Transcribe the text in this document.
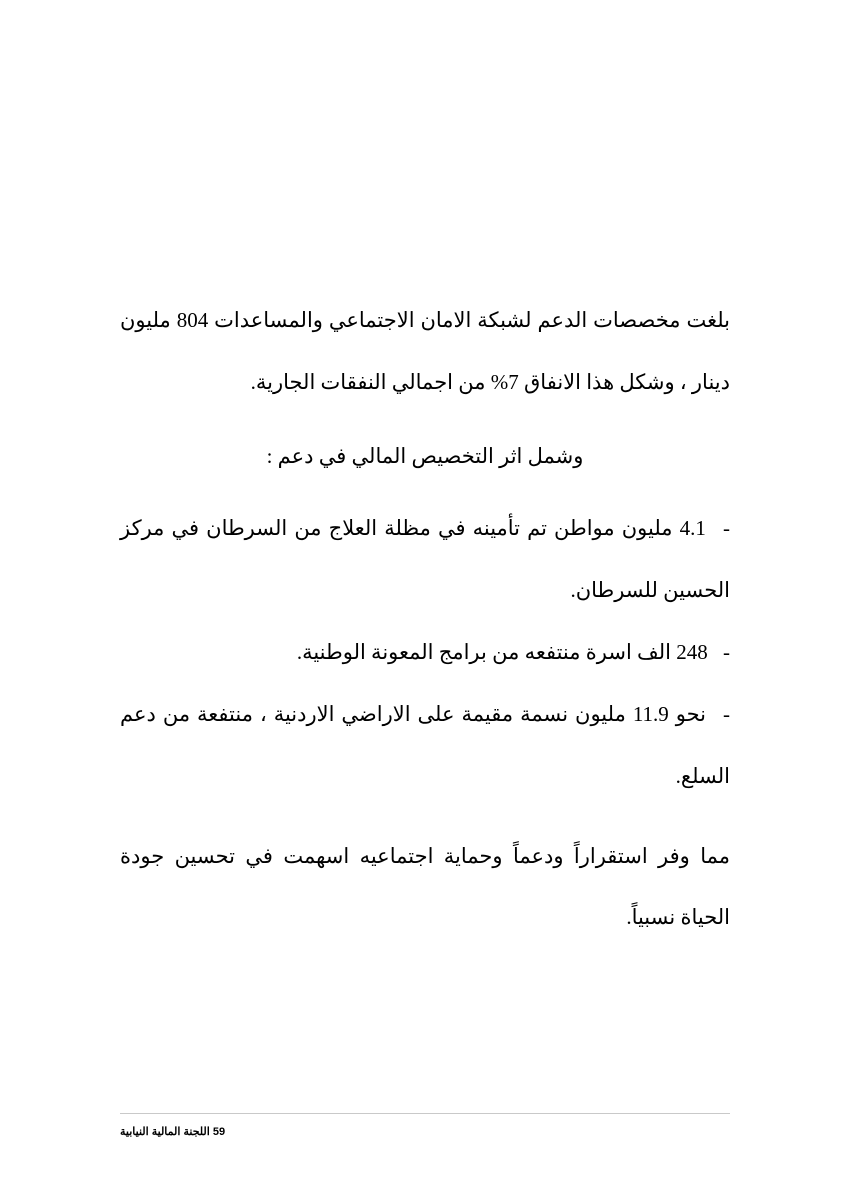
بلغت مخصصات الدعم لشبكة الامان الاجتماعي والمساعدات 804 مليون دينار ، وشكل هذا الانفاق 7% من اجمالي النفقات الجارية.

وشمل اثر التخصيص المالي في دعم :

- 4.1 مليون مواطن تم تأمينه في مظلة العلاج من السرطان في مركز الحسين للسرطان.
- 248 الف اسرة منتفعه من برامج المعونة الوطنية.
- نحو 11.9 مليون نسمة مقيمة على الاراضي الاردنية ، منتفعة من دعم السلع.

مما وفر استقراراً ودعماً وحماية اجتماعيه اسهمت في تحسين جودة الحياة نسبياً.

59 اللجنة المالية النيابية
